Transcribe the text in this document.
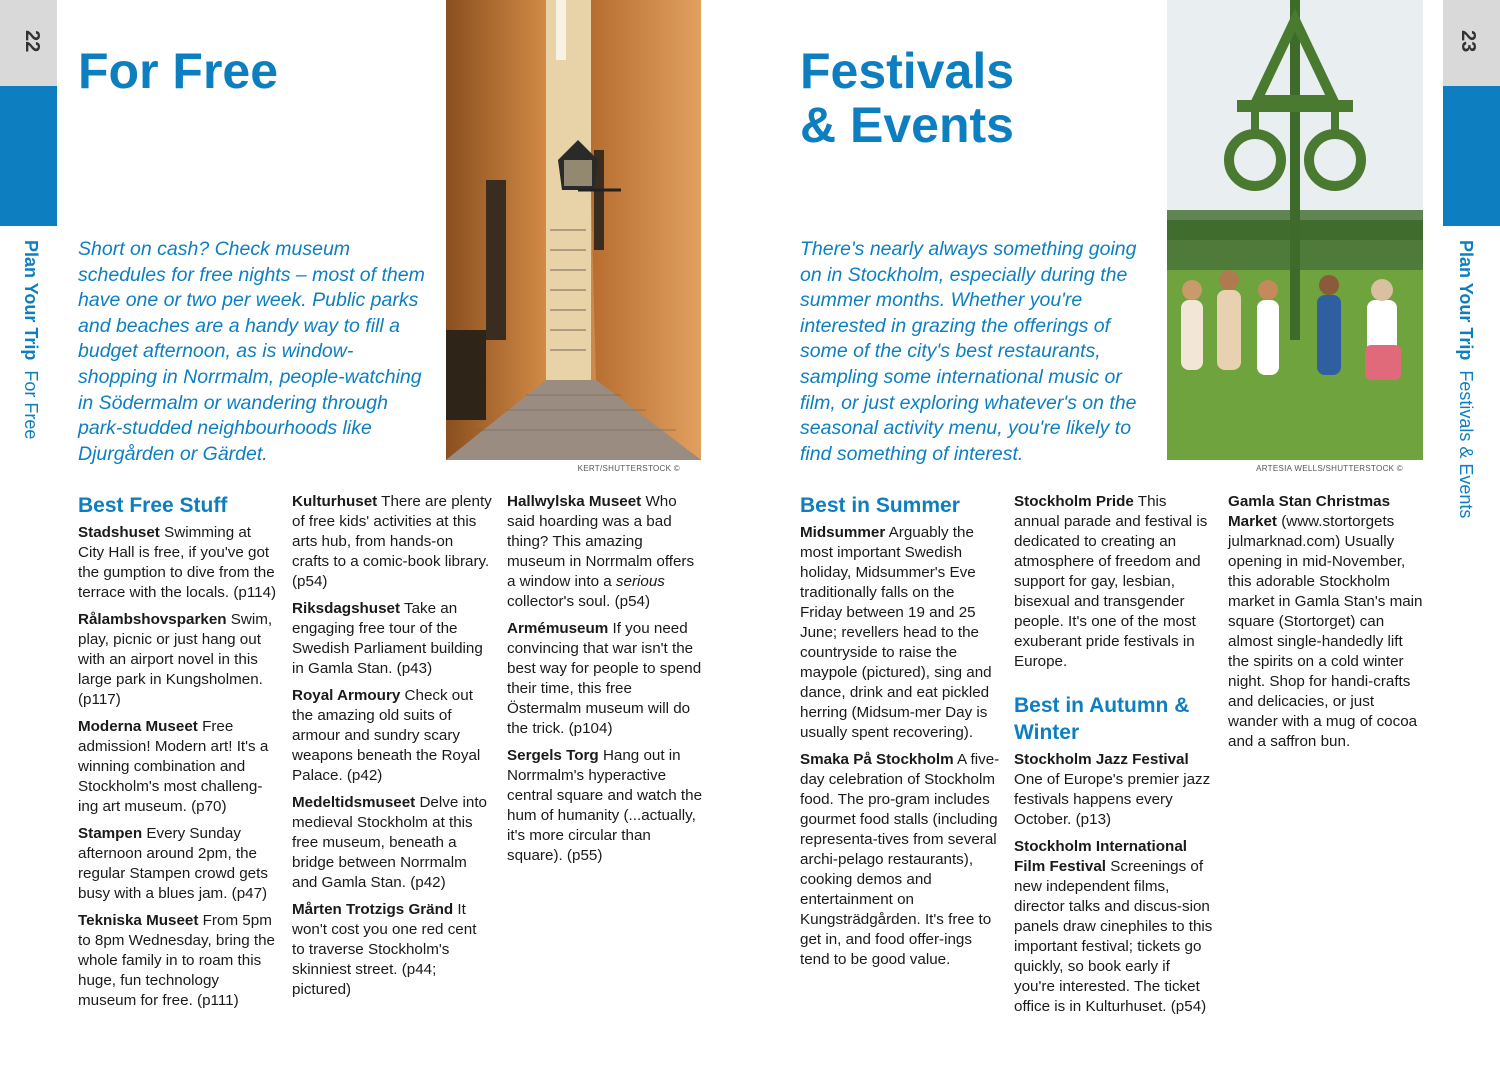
22
Plan Your Trip  For Free
For Free
Short on cash? Check museum schedules for free nights – most of them have one or two per week. Public parks and beaches are a handy way to fill a budget afternoon, as is window-shopping in Norrmalm, people-watching in Södermalm or wandering through park-studded neighbourhoods like Djurgården or Gärdet.
KERT/SHUTTERSTOCK ©
Best Free Stuff

Stadshuset Swimming at City Hall is free, if you've got the gumption to dive from the terrace with the locals. (p114)

Rålambshovsparken Swim, play, picnic or just hang out with an airport novel in this large park in Kungsholmen. (p117)

Moderna Museet Free admission! Modern art! It's a winning combination and Stockholm's most challeng-ing art museum. (p70)

Stampen Every Sunday afternoon around 2pm, the regular Stampen crowd gets busy with a blues jam. (p47)

Tekniska Museet From 5pm to 8pm Wednesday, bring the whole family in to roam this huge, fun technology museum for free. (p111)

Kulturhuset There are plenty of free kids' activities at this arts hub, from hands-on crafts to a comic-book library. (p54)

Riksdagshuset Take an engaging free tour of the Swedish Parliament building in Gamla Stan. (p43)

Royal Armoury Check out the amazing old suits of armour and sundry scary weapons beneath the Royal Palace. (p42)

Medeltidsmuseet Delve into medieval Stockholm at this free museum, beneath a bridge between Norrmalm and Gamla Stan. (p42)

Mårten Trotzigs Gränd It won't cost you one red cent to traverse Stockholm's skinniest street. (p44; pictured)

Hallwylska Museet Who said hoarding was a bad thing? This amazing museum in Norrmalm offers a window into a serious collector's soul. (p54)

Armémuseum If you need convincing that war isn't the best way for people to spend their time, this free Östermalm museum will do the trick. (p104)

Sergels Torg Hang out in Norrmalm's hyperactive central square and watch the hum of humanity (...actually, it's more circular than square). (p55)

23
Plan Your Trip  Festivals & Events
Festivals
& Events
There's nearly always something going on in Stockholm, especially during the summer months. Whether you're interested in grazing the offerings of some of the city's best restaurants, sampling some international music or film, or just exploring whatever's on the seasonal activity menu, you're likely to find something of interest.
ARTESIA WELLS/SHUTTERSTOCK ©
Best in Summer

Midsummer Arguably the most important Swedish holiday, Midsummer's Eve traditionally falls on the Friday between 19 and 25 June; revellers head to the countryside to raise the maypole (pictured), sing and dance, drink and eat pickled herring (Midsum-mer Day is usually spent recovering).

Smaka På Stockholm A five-day celebration of Stockholm food. The pro-gram includes gourmet food stalls (including representa-tives from several archi-pelago restaurants), cooking demos and entertainment on Kungsträdgården. It's free to get in, and food offer-ings tend to be good value.

Stockholm Pride This annual parade and festival is dedicated to creating an atmosphere of freedom and support for gay, lesbian, bisexual and transgender people. It's one of the most exuberant pride festivals in Europe.

Best in Autumn & Winter

Stockholm Jazz Festival One of Europe's premier jazz festivals happens every October. (p13)

Stockholm International Film Festival Screenings of new independent films, director talks and discus-sion panels draw cinephiles to this important festival; tickets go quickly, so book early if you're interested. The ticket office is in Kulturhuset. (p54)

Gamla Stan Christmas Market (www.stortorgets julmarknad.com) Usually opening in mid-November, this adorable Stockholm market in Gamla Stan's main square (Stortorget) can almost single-handedly lift the spirits on a cold winter night. Shop for handi-crafts and delicacies, or just wander with a mug of cocoa and a saffron bun.
